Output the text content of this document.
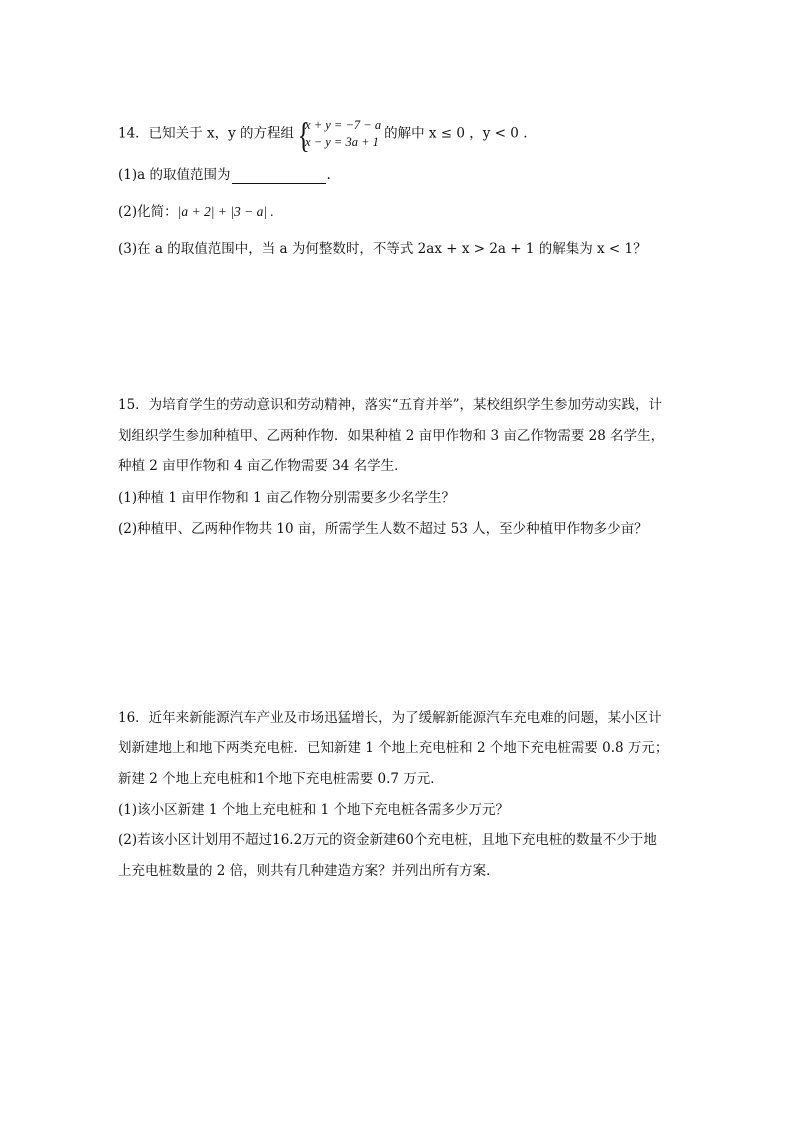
14．已知关于 x，y 的方程组 {
x + y = −7 − a
x − y = 3a + 1
的解中 x ≤ 0 ，y < 0 .
(1)a 的取值范围为	.
(2)化简：|a + 2| + |3 − a| .
(3)在 a 的取值范围中，当 a 为何整数时，不等式 2ax + x > 2a + 1 的解集为 x < 1？
15．为培育学生的劳动意识和劳动精神，落实“五育并举”，某校组织学生参加劳动实践，计
划组织学生参加种植甲、乙两种作物．如果种植 2 亩甲作物和 3 亩乙作物需要 28 名学生，
种植 2 亩甲作物和 4 亩乙作物需要 34 名学生．
(1)种植 1 亩甲作物和 1 亩乙作物分别需要多少名学生？
(2)种植甲、乙两种作物共 10 亩，所需学生人数不超过 53 人，至少种植甲作物多少亩？
16．近年来新能源汽车产业及市场迅猛增长，为了缓解新能源汽车充电难的问题，某小区计
划新建地上和地下两类充电桩．已知新建 1 个地上充电桩和 2 个地下充电桩需要 0.8 万元；
新建 2 个地上充电桩和1个地下充电桩需要 0.7 万元．
(1)该小区新建 1 个地上充电桩和 1 个地下充电桩各需多少万元？
(2)若该小区计划用不超过16.2万元的资金新建60个充电桩，且地下充电桩的数量不少于地
上充电桩数量的 2 倍，则共有几种建造方案？并列出所有方案．
